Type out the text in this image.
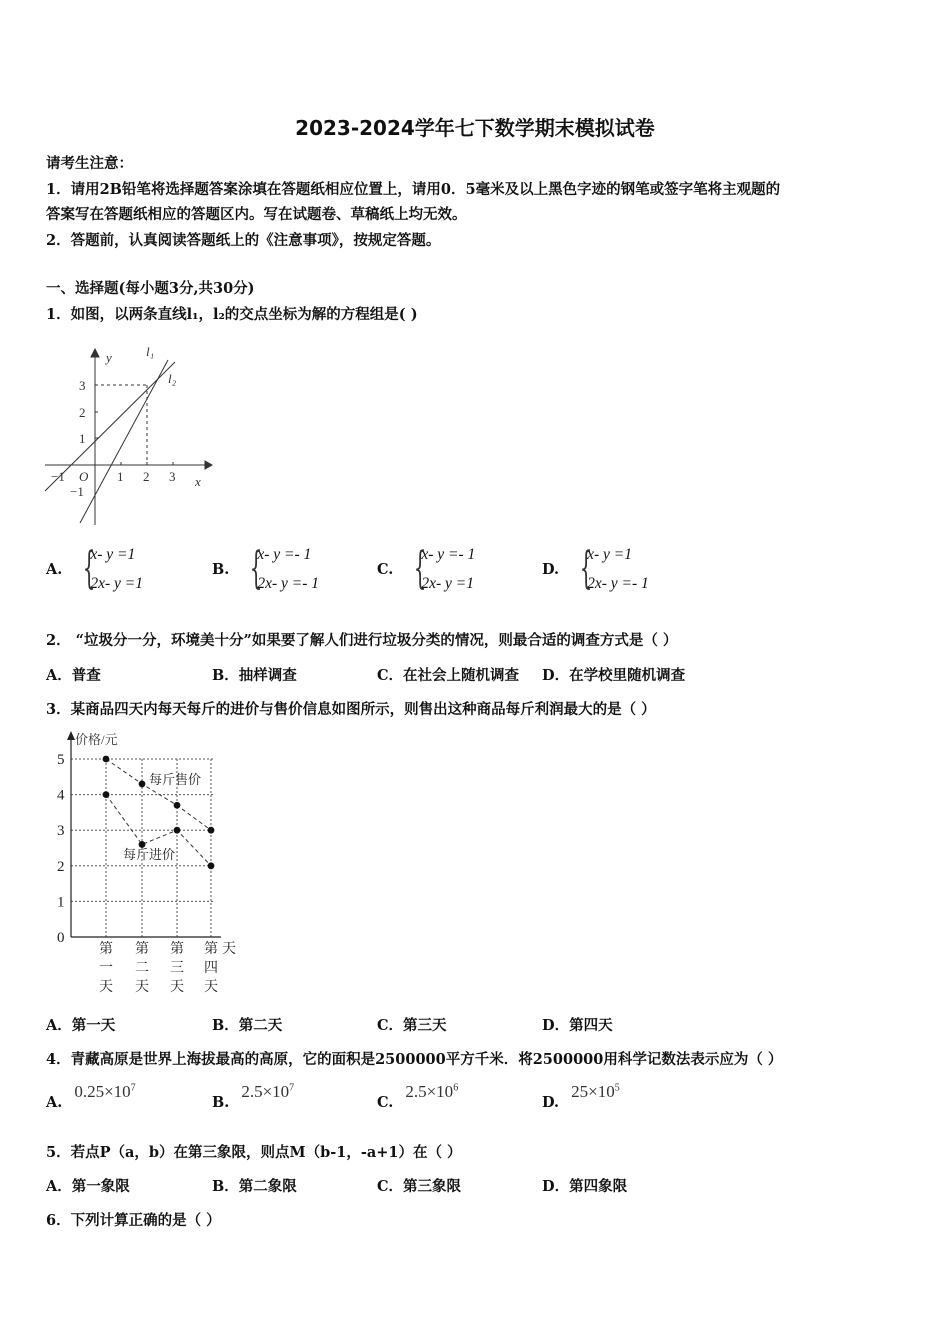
2023-2024学年七下数学期末模拟试卷
请考生注意：
1．请用2B铅笔将选择题答案涂填在答题纸相应位置上，请用0．5毫米及以上黑色字迹的钢笔或签字笔将主观题的
答案写在答题纸相应的答题区内。写在试题卷、草稿纸上均无效。
2．答题前，认真阅读答题纸上的《注意事项》，按规定答题。
一、选择题(每小题3分,共30分)
1．如图，以两条直线l₁，l₂的交点坐标为解的方程组是( )
y
x
O
l₁
l₂
−1	1 2 3
3
2
1
−1
A. {
x- y =1
2x- y =1
B. {
x- y =- 1
2x- y =- 1
C. {
x- y =- 1
2x- y =1
D. {
x- y =1
2x- y =- 1
2． “垃圾分一分，环境美十分”如果要了解人们进行垃圾分类的情况，则最合适的调查方式是（ ）
A．普查	B．抽样调查	C．在社会上随机调查 D．在学校里随机调查
3．某商品四天内每天每斤的进价与售价信息如图所示，则售出这种商品每斤利润最大的是（ ）
0
1
2
3
4
5
价格/元
第
一
天
第
二
天
第
三
天
第
四
天
天
每斤售价
每斤进价
A．第一天	B．第二天	C．第三天	D．第四天
4．青藏高原是世界上海拔最高的高原，它的面积是2500000平方千米．将2500000用科学记数法表示应为（ ）
$A.0.25\times 10^7$
$B.2.5\times 10^7$
$C.2.5\times 10^6$
$D.25\times 10^5$
5．若点P（a，b）在第三象限，则点M（b-1，-a+1）在（ ）
A．第一象限	B．第二象限	C．第三象限	D．第四象限
6．下列计算正确的是（ ）
